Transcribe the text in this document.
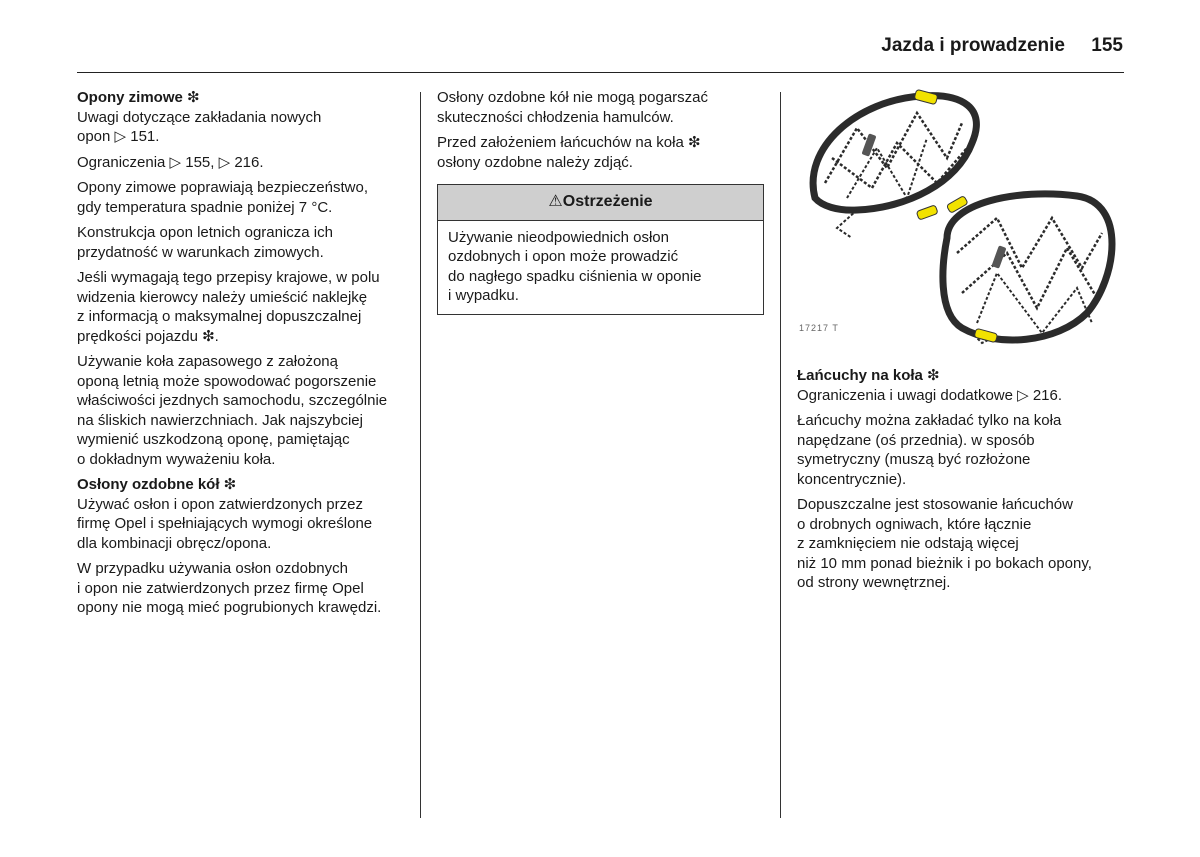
Jazda i prowadzenie 155
Opony zimowe ❇

Uwagi dotyczące zakładania nowych
opon ▷ 151.

Ograniczenia ▷ 155, ▷ 216.

Opony zimowe poprawiają bezpieczeństwo,
gdy temperatura spadnie poniżej 7 °C.

Konstrukcja opon letnich ogranicza ich
przydatność w warunkach zimowych.

Jeśli wymagają tego przepisy krajowe, w polu
widzenia kierowcy należy umieścić naklejkę
z informacją o maksymalnej dopuszczalnej
prędkości pojazdu ❇.

Używanie koła zapasowego z założoną
oponą letnią może spowodować pogorszenie
właściwości jezdnych samochodu, szczególnie
na śliskich nawierzchniach. Jak najszybciej
wymienić uszkodzoną oponę, pamiętając
o dokładnym wyważeniu koła.

Osłony ozdobne kół ❇

Używać osłon i opon zatwierdzonych przez
firmę Opel i spełniających wymogi określone
dla kombinacji obręcz/opona.

W przypadku używania osłon ozdobnych
i opon nie zatwierdzonych przez firmę Opel
opony nie mogą mieć pogrubionych krawędzi.

Osłony ozdobne kół nie mogą pogarszać
skuteczności chłodzenia hamulców.

Przed założeniem łańcuchów na koła ❇
osłony ozdobne należy zdjąć.

⚠Ostrzeżenie
Używanie nieodpowiednich osłon
ozdobnych i opon może prowadzić
do nagłego spadku ciśnienia w oponie
i wypadku.
17217 T
Łańcuchy na koła ❇

Ograniczenia i uwagi dodatkowe ▷ 216.

Łańcuchy można zakładać tylko na koła
napędzane (oś przednia). w sposób
symetryczny (muszą być rozłożone
koncentrycznie).

Dopuszczalne jest stosowanie łańcuchów
o drobnych ogniwach, które łącznie
z zamknięciem nie odstają więcej
niż 10 mm ponad bieżnik i po bokach opony,
od strony wewnętrznej.
